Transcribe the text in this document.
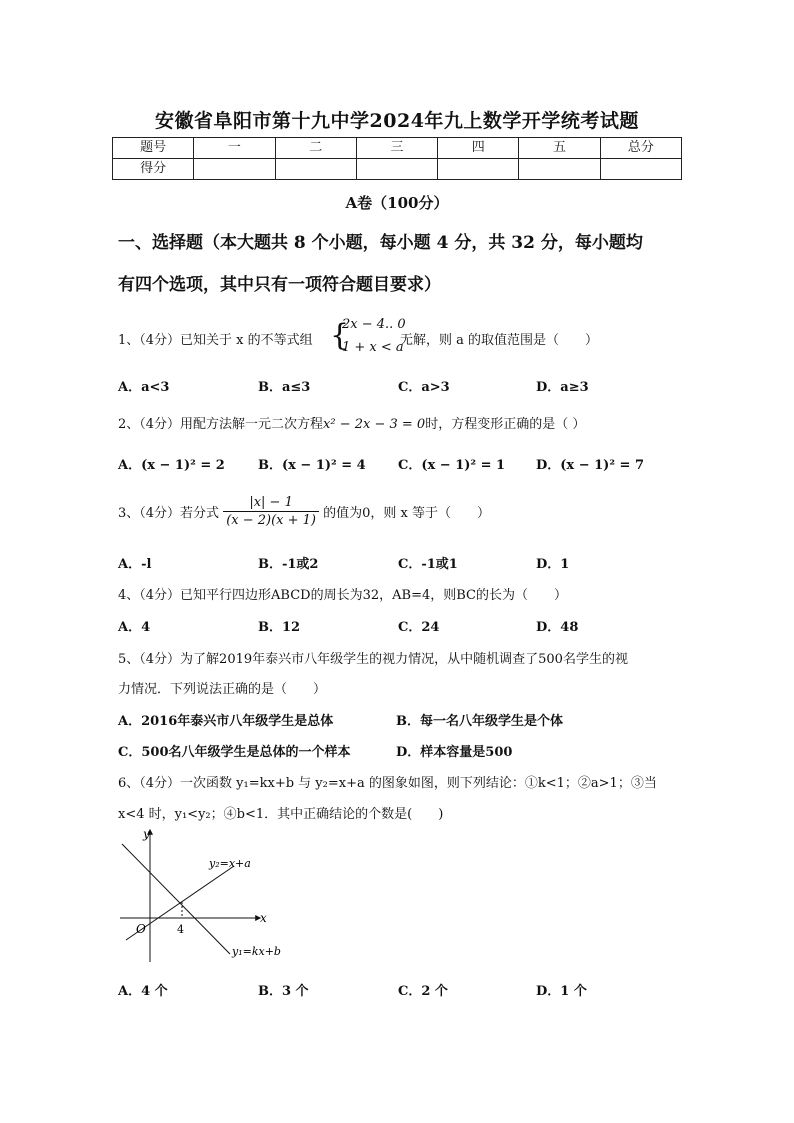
安徽省阜阳市第十九中学2024年九上数学开学统考试题
题号	一	二	三	四	五	总分
得分						
A卷（100分）
一、选择题（本大题共 8 个小题，每小题 4 分，共 32 分，每小题均
有四个选项，其中只有一项符合题目要求）
1、（4分）已知关于 x 的不等式组 {
2x − 4.. 0
1 + x < a
无解，则 a 的取值范围是（　　）
A．a<3	B．a≤3	C．a>3	D．a≥3
2、（4分）用配方法解一元二次方程x² − 2x − 3 = 0时，方程变形正确的是（ ）
A．(x − 1)² = 2	B．(x − 1)² = 4 C．(x − 1)² = 1 D．(x − 1)² = 7
3、（4分）若分式 $\frac{|x| - 1}{(x - 2)(x + 1)}$ 的值为0，则 x 等于（　　）
A．-l	B．-1或2	C．-1或1	D．1
4、（4分）已知平行四边形ABCD的周长为32，AB=4，则BC的长为（　　）
A．4	B．12	C．24	D．48
5、（4分）为了解2019年泰兴市八年级学生的视力情况，从中随机调查了500名学生的视
力情况．下列说法正确的是（　　）
A．2016年泰兴市八年级学生是总体	B．每一名八年级学生是个体
C．500名八年级学生是总体的一个样本	D．样本容量是500
6、（4分）一次函数 y₁=kx+b 与 y₂=x+a 的图象如图，则下列结论：①k<1；②a>1；③当
x<4 时，y₁<y₂；④b<1．其中正确结论的个数是(　　)
y
x
O	4
y₂=x+a
y₁=kx+b
A．4 个	B．3 个	C．2 个	D．1 个
